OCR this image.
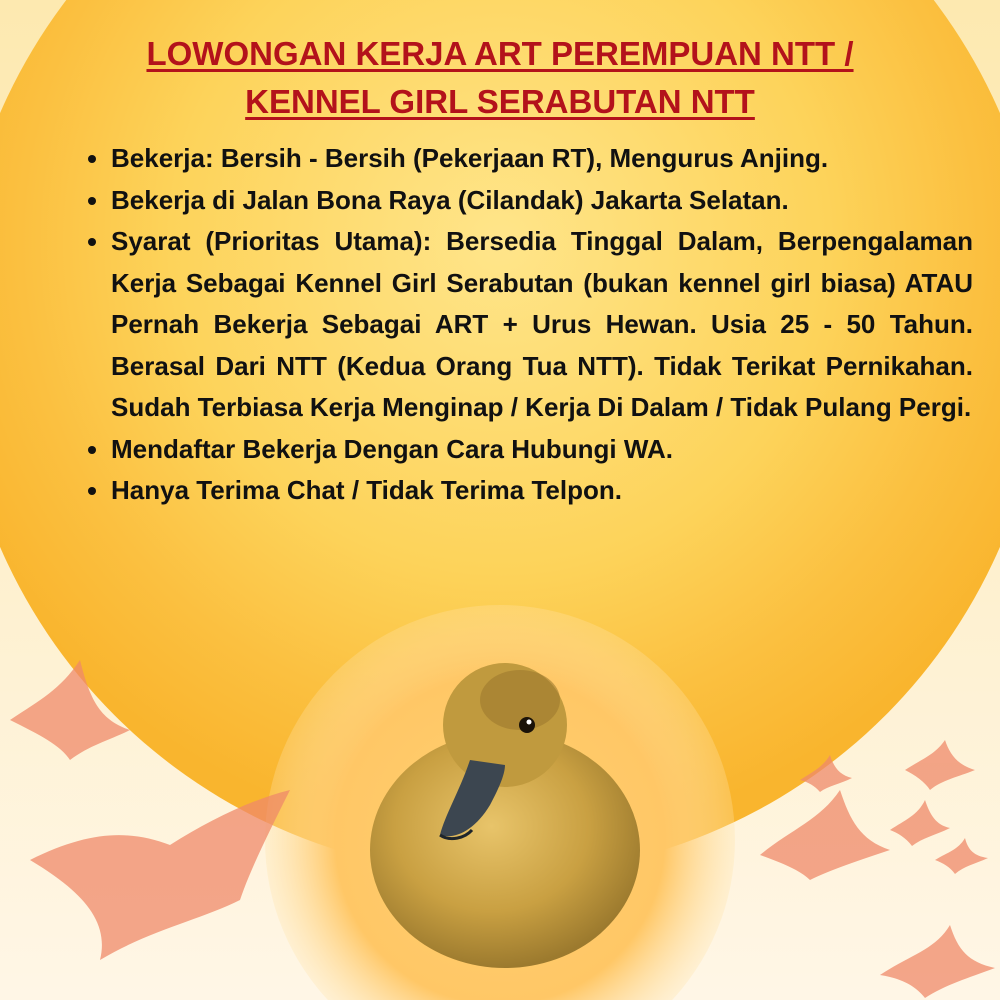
LOWONGAN KERJA ART PEREMPUAN NTT /
KENNEL GIRL SERABUTAN NTT
• Bekerja: Bersih - Bersih (Pekerjaan RT), Mengurus Anjing.
• Bekerja di Jalan Bona Raya (Cilandak) Jakarta Selatan.
• Syarat (Prioritas Utama): Bersedia Tinggal Dalam, Berpengalaman Kerja Sebagai Kennel Girl Serabutan (bukan kennel girl biasa) ATAU Pernah Bekerja Sebagai ART + Urus Hewan. Usia 25 - 50 Tahun. Berasal Dari NTT (Kedua Orang Tua NTT). Tidak Terikat Pernikahan. Sudah Terbiasa Kerja Menginap / Kerja Di Dalam / Tidak Pulang Pergi.
• Mendaftar Bekerja Dengan Cara Hubungi WA.
• Hanya Terima Chat / Tidak Terima Telpon.
